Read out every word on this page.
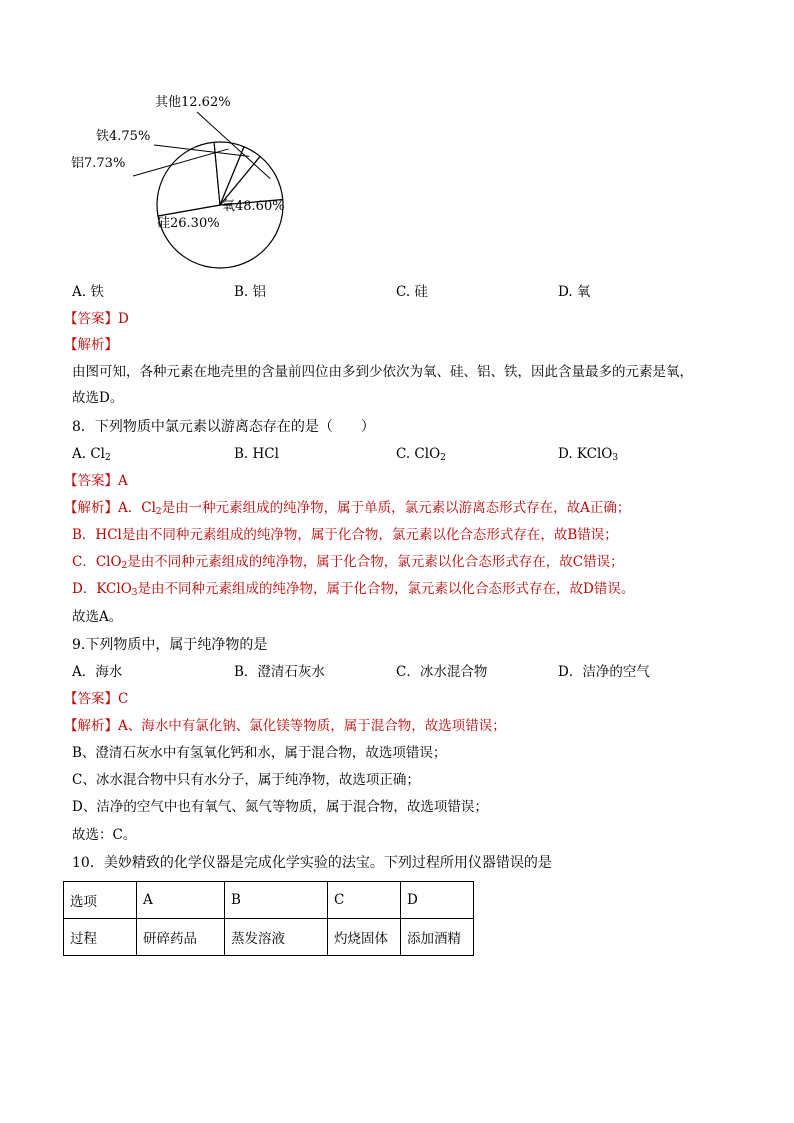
氧48.60%
硅26.30%
铝7.73%
铁4.75%
其他12.62%
A. 铁	B. 铝	C. 硅	D. 氧
【答案】D
【解析】
由图可知，各种元素在地壳里的含量前四位由多到少依次为氧、硅、铝、铁，因此含量最多的元素是氧，
故选D。
8．下列物质中氯元素以游离态存在的是（　　）
A. $Cl_2$	B. HCl	C. ClO$_2$	D. KClO$_3$
【答案】A
【解析】A．$Cl_2$是由一种元素组成的纯净物，属于单质，氯元素以游离态形式存在，故A正确；
B．HCl是由不同种元素组成的纯净物，属于化合物，氯元素以化合态形式存在，故B错误；
C．ClO$_2$是由不同种元素组成的纯净物，属于化合物，氯元素以化合态形式存在，故C错误；
D．KClO$_3$是由不同种元素组成的纯净物，属于化合物，氯元素以化合态形式存在，故D错误。
故选A。
9.下列物质中，属于纯净物的是
A．海水	B．澄清石灰水	C．冰水混合物	D．洁净的空气
【答案】C
【解析】A、海水中有氯化钠、氯化镁等物质，属于混合物，故选项错误；
B、澄清石灰水中有氢氧化钙和水，属于混合物，故选项错误；
C、冰水混合物中只有水分子，属于纯净物，故选项正确；
D、洁净的空气中也有氧气、氮气等物质，属于混合物，故选项错误；
故选：C。
10．美妙精致的化学仪器是完成化学实验的法宝。下列过程所用仪器错误的是
选项	A	B	C	D
过程	研碎药品	蒸发溶液	灼烧固体	添加酒精
